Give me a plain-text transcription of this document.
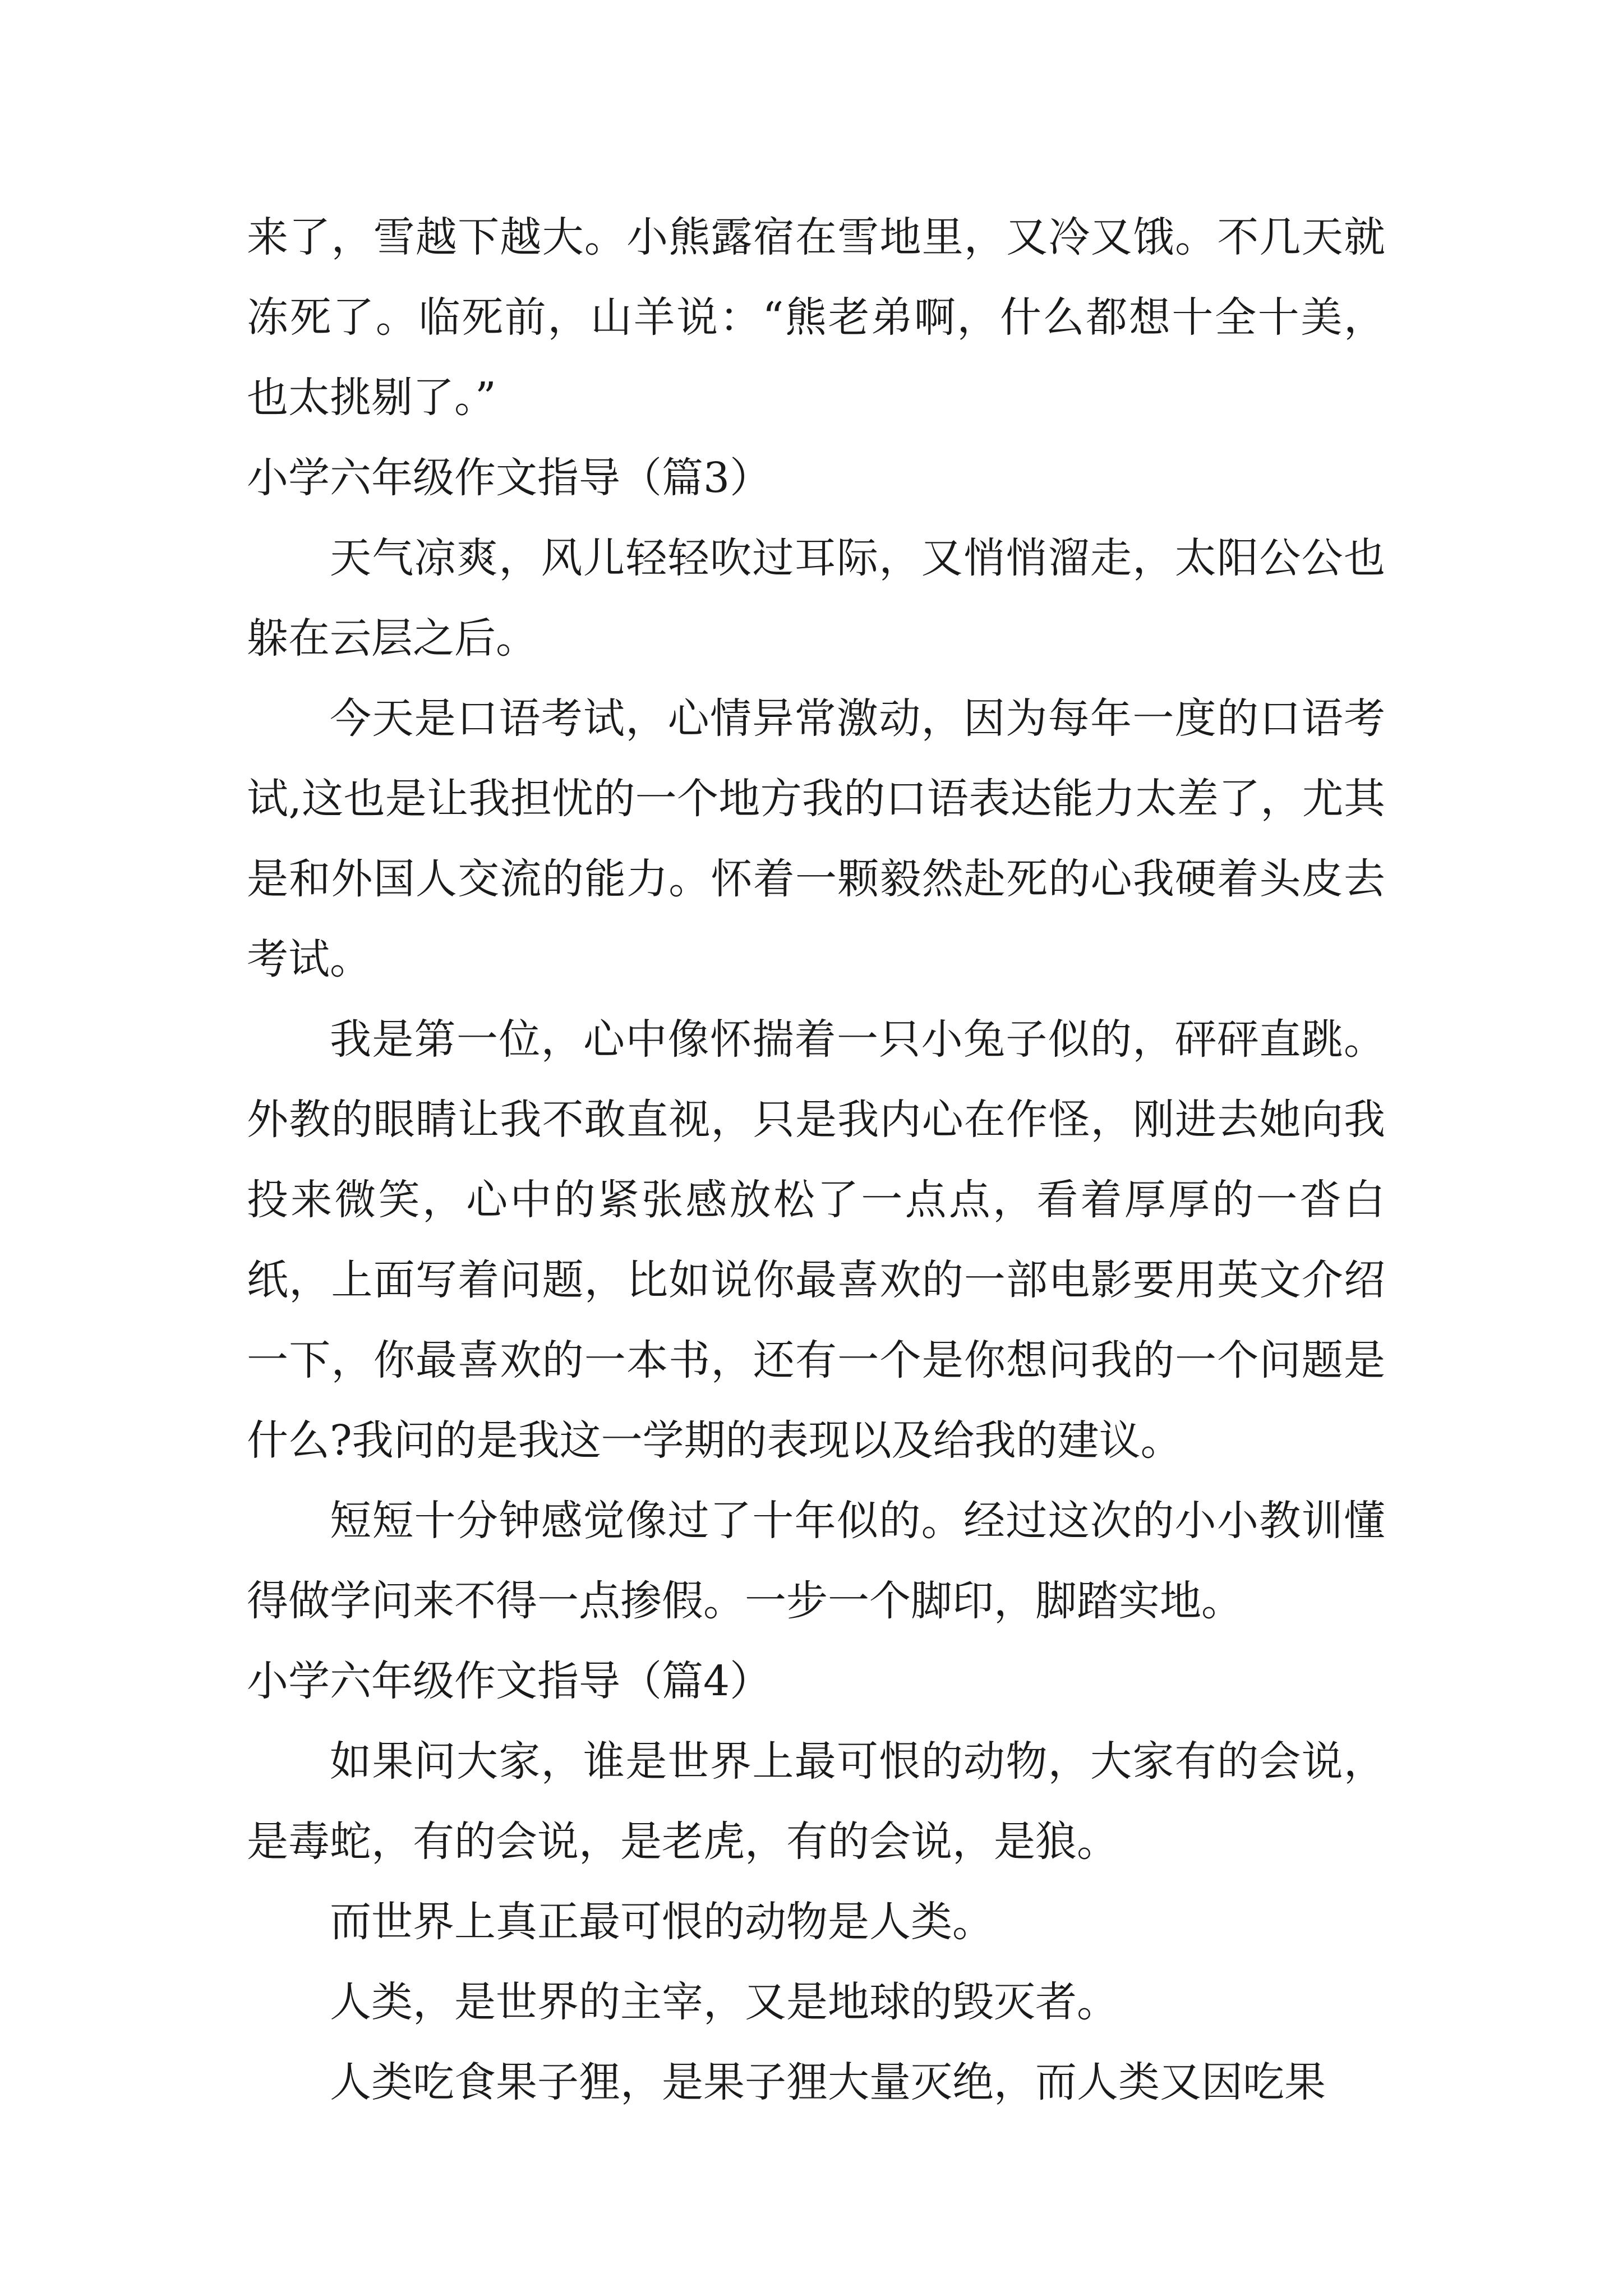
来了，雪越下越大。小熊露宿在雪地里，又冷又饿。不几天就冻死了。临死前，山羊说：“熊老弟啊，什么都想十全十美，也太挑剔了。”

小学六年级作文指导（篇3）

天气凉爽，风儿轻轻吹过耳际，又悄悄溜走，太阳公公也躲在云层之后。

今天是口语考试，心情异常激动，因为每年一度的口语考试,这也是让我担忧的一个地方我的口语表达能力太差了，尤其是和外国人交流的能力。怀着一颗毅然赴死的心我硬着头皮去考试。

我是第一位，心中像怀揣着一只小兔子似的，砰砰直跳。外教的眼睛让我不敢直视，只是我内心在作怪，刚进去她向我投来微笑，心中的紧张感放松了一点点，看着厚厚的一沓白纸，上面写着问题，比如说你最喜欢的一部电影要用英文介绍一下，你最喜欢的一本书，还有一个是你想问我的一个问题是什么?我问的是我这一学期的表现以及给我的建议。

短短十分钟感觉像过了十年似的。经过这次的小小教训懂得做学问来不得一点掺假。一步一个脚印，脚踏实地。

小学六年级作文指导（篇4）

如果问大家，谁是世界上最可恨的动物，大家有的会说，是毒蛇，有的会说，是老虎，有的会说，是狼。

而世界上真正最可恨的动物是人类。

人类，是世界的主宰，又是地球的毁灭者。

人类吃食果子狸，是果子狸大量灭绝，而人类又因吃果
